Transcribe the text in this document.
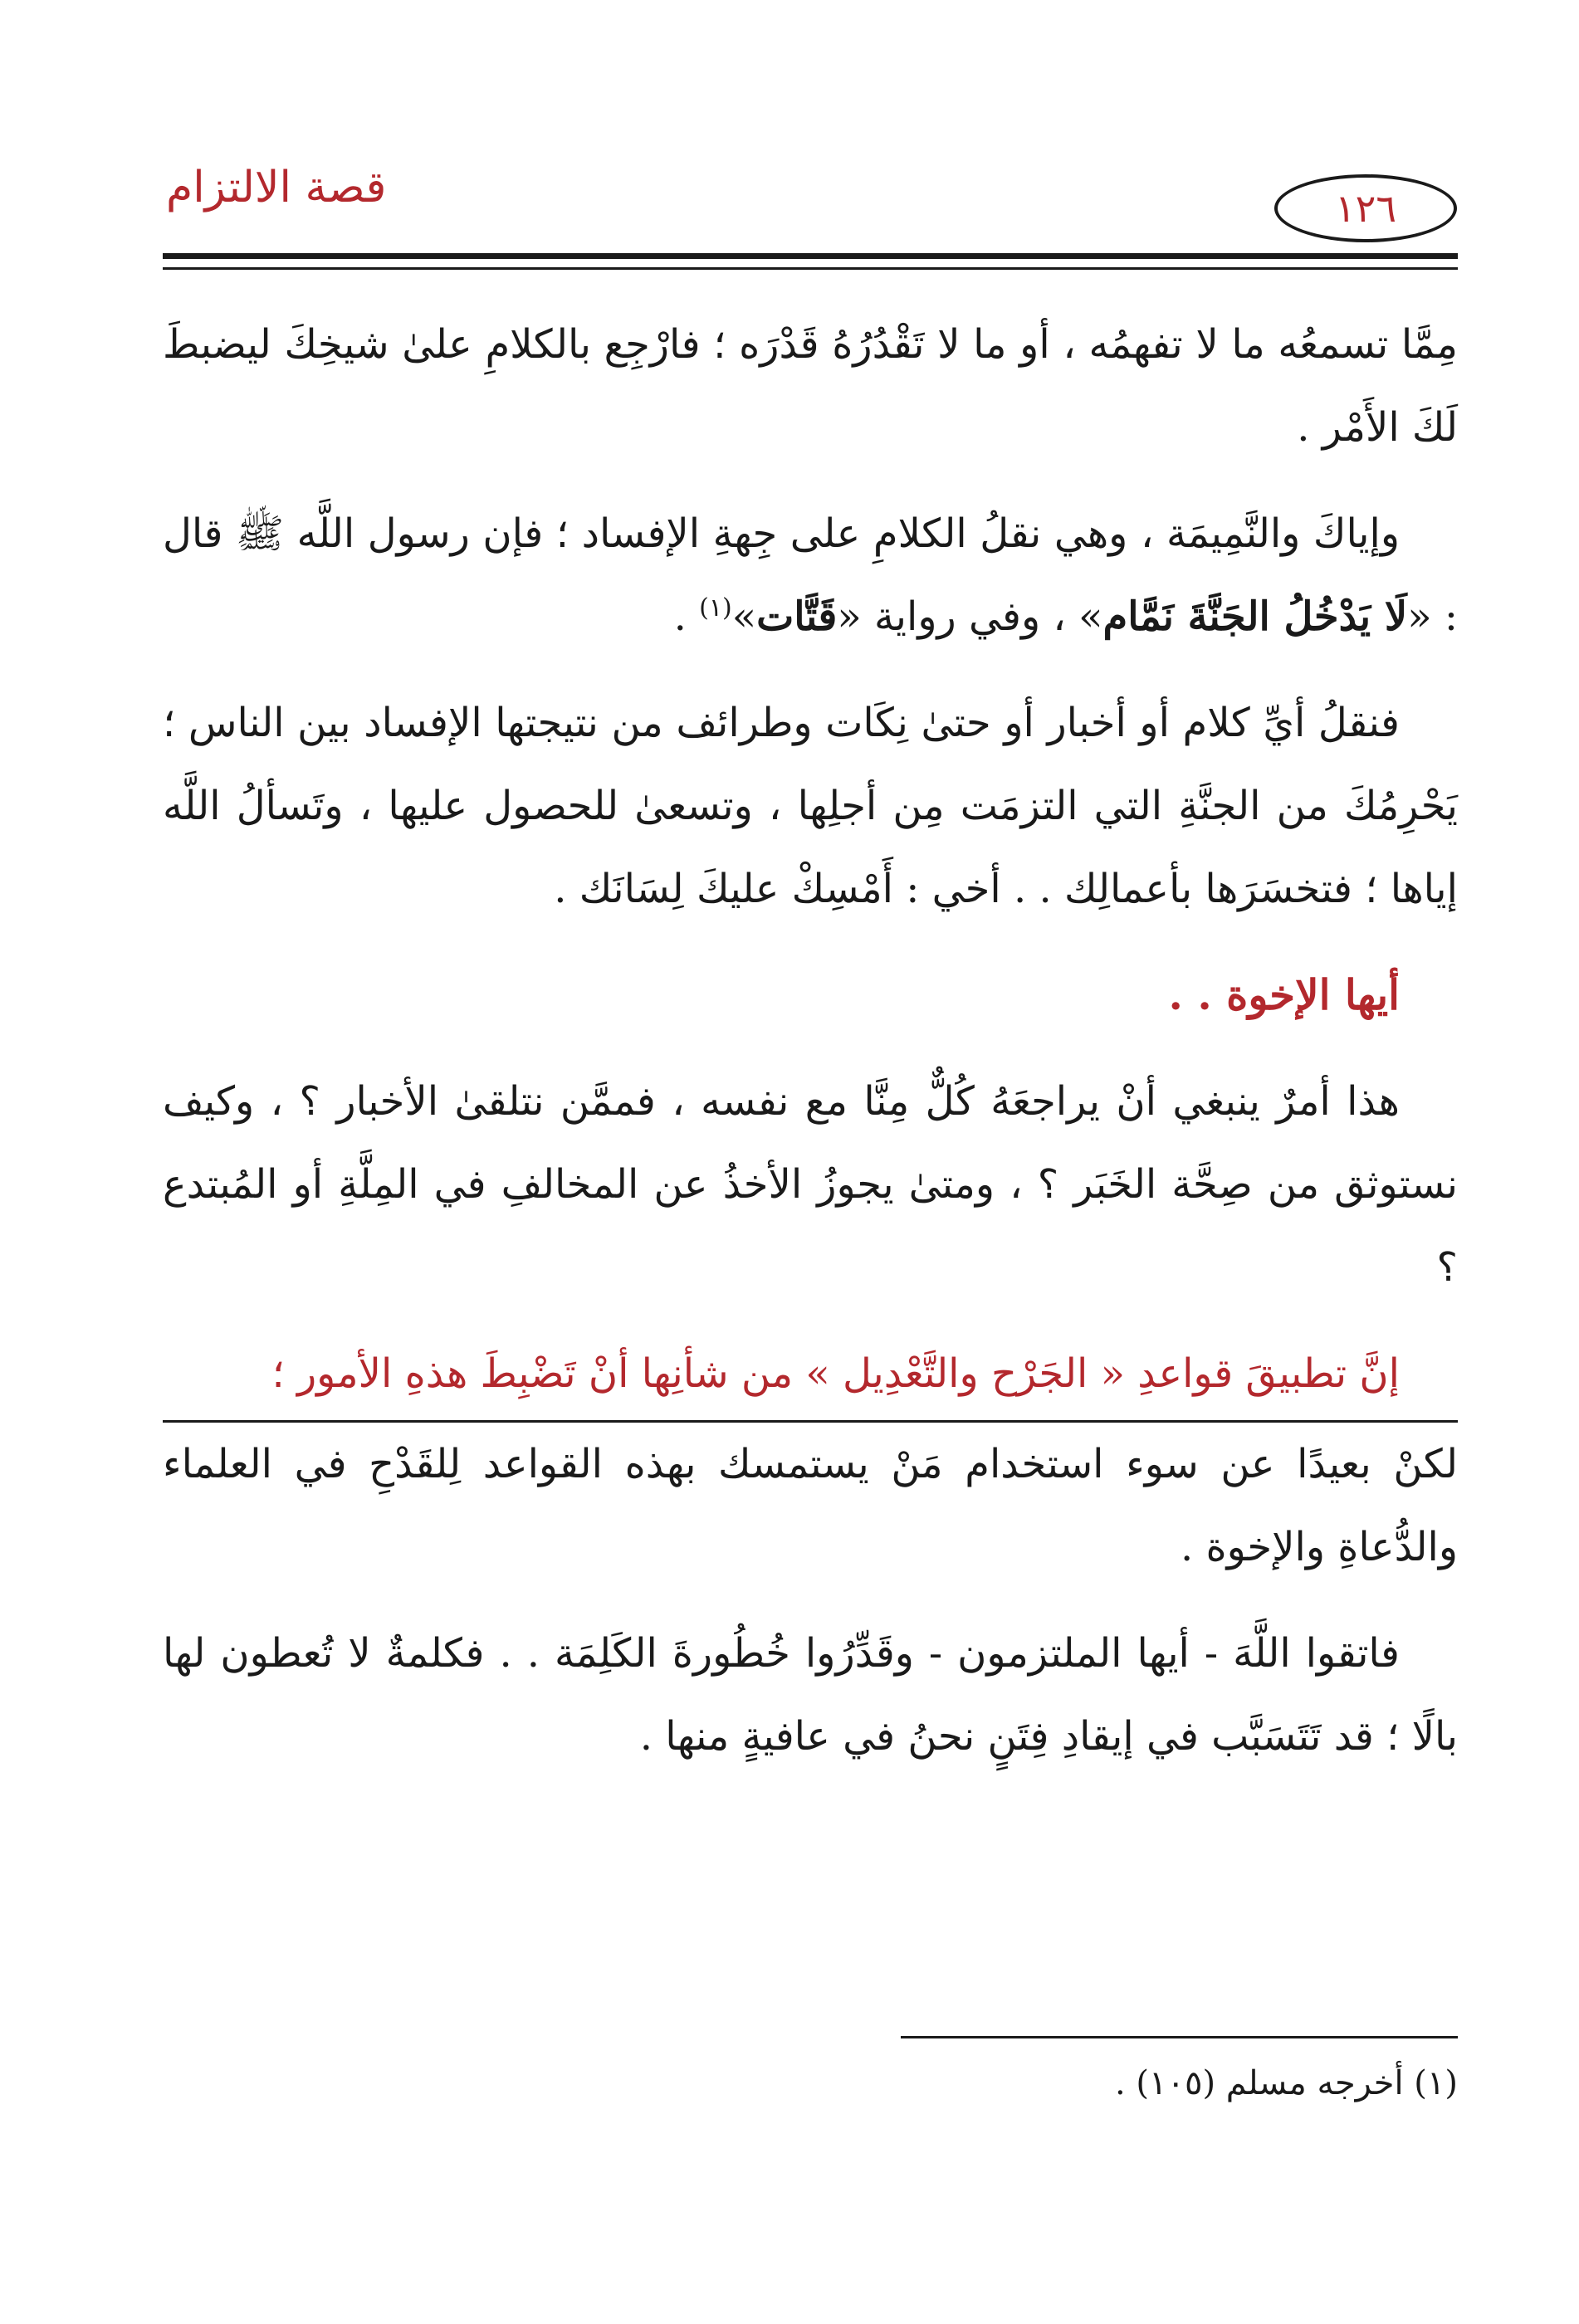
قصة الالتزام	١٢٦

مِمَّا تسمعُه ما لا تفهمُه ، أو ما لا تَقْدُرُهُ قَدْرَه ؛ فارْجِع بالكلامِ علىٰ شيخِكَ ليضبطَ لَكَ الأَمْر .

وإياكَ والنَّمِيمَة ، وهي نقلُ الكلامِ على جِهةِ الإفساد ؛ فإن رسول اللَّه ﷺ قال : «لَا يَدْخُلُ الجَنَّةَ نَمَّام» ، وفي رواية «قَتَّات»$^{(١)}$ .

فنقلُ أيِّ كلام أو أخبار أو حتىٰ نِكَات وطرائف من نتيجتها الإفساد بين الناس ؛ يَحْرِمُكَ من الجنَّةِ التي التزمَت مِن أجلِها ، وتسعىٰ للحصول عليها ، وتَسألُ اللَّه إياها ؛ فتخسَرَها بأعمالِك . . أخي : أَمْسِكْ عليكَ لِسَانَك .

أيها الإخوة . .

هذا أمرٌ ينبغي أنْ يراجعَهُ كُلٌّ مِنَّا مع نفسه ، فممَّن نتلقىٰ الأخبار ؟ ، وكيف نستوثق من صِحَّة الخَبَر ؟ ، ومتىٰ يجوزُ الأخذُ عن المخالفِ في المِلَّةِ أو المُبتدع ؟

إنَّ تطبيقَ قواعدِ « الجَرْح والتَّعْدِيل » من شأنِها أنْ تَضْبِطَ هذهِ الأمور ؛

لكنْ بعيدًا عن سوء استخدام مَنْ يستمسك بهذه القواعد لِلقَدْحِ في العلماء والدُّعاةِ والإخوة .

فاتقوا اللَّهَ - أيها الملتزمون - وقَدِّرُوا خُطُورةَ الكَلِمَة . . فكلمةٌ لا تُعطون لها بالًا ؛ قد تَتَسَبَّب في إيقادِ فِتَنٍ نحنُ في عافيةٍ منها .

(١) أخرجه مسلم (١٠٥) .
